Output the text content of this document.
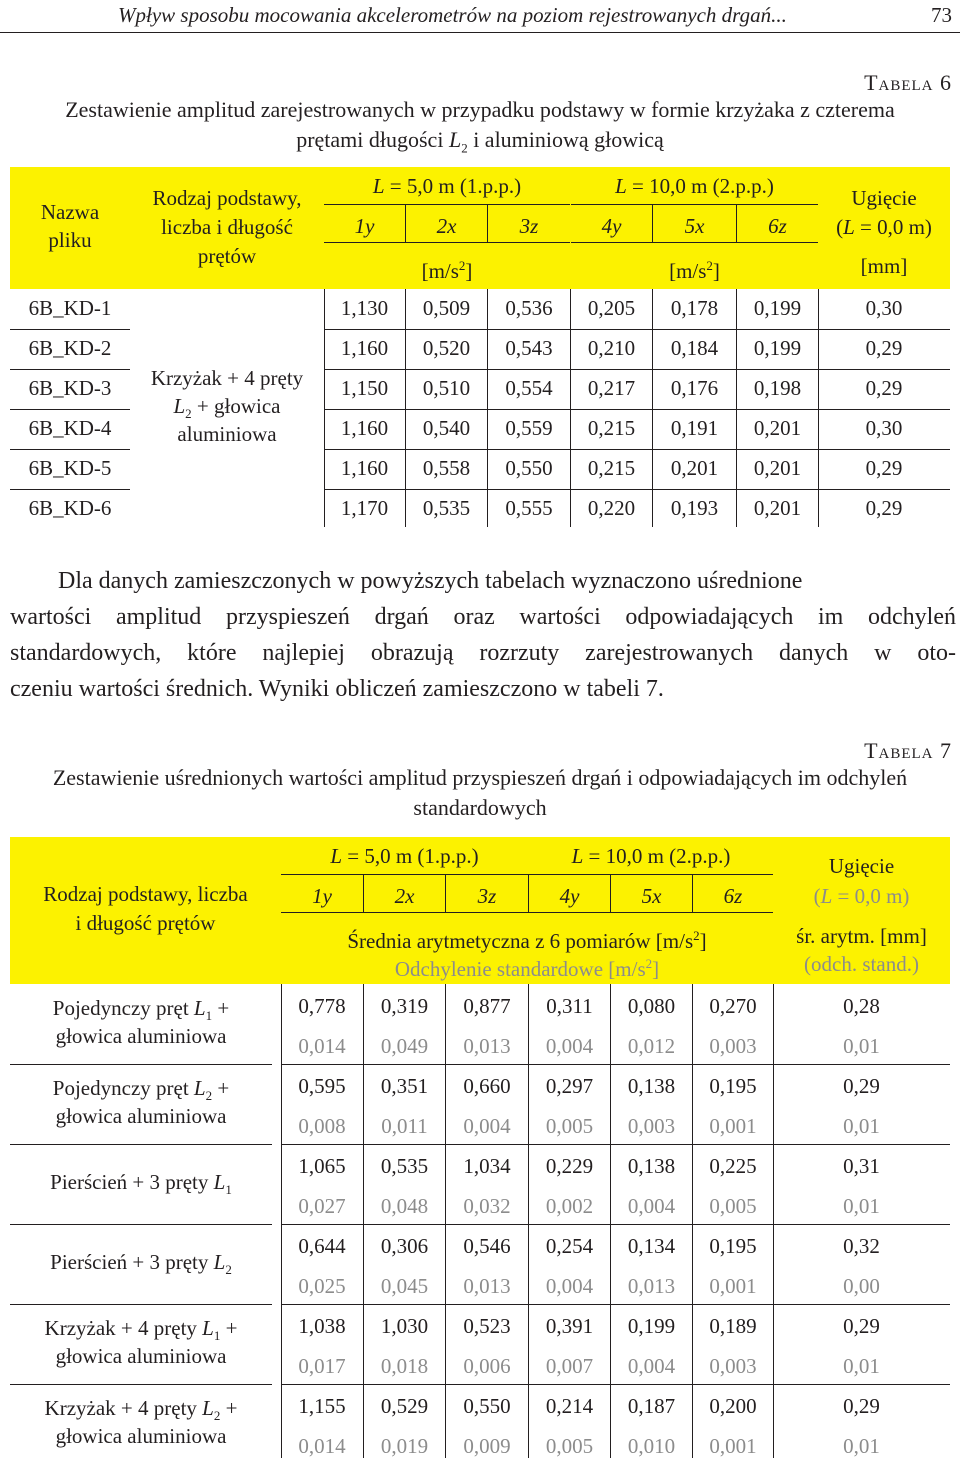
Wpływ sposobu mocowania akcelerometrów na poziom rejestrowanych drgań...	73
Tabela 6
Zestawienie amplitud zarejestrowanych w przypadku podstawy w formie krzyżaka z czterema
prętami długości $L_2$ i aluminiową głowicą
Nazwa
pliku
Rodzaj podstawy,
liczba i długość
prętów
L = 5,0 m (1.p.p.)	L = 10,0 m (2.p.p.)	Ugięcie
(L = 0,0 m)
1y	2x	3z	4y	5x	6z
$[m/s^2]$	$[m/s^2]$	[mm]
Krzyżak + 4 pręty
$L_2$ + głowica
aluminiowa
6B_KD-1	1,130	0,509	0,536	0,205	0,178	0,199	0,30
6B_KD-2	1,160	0,520	0,543	0,210	0,184	0,199	0,29
6B_KD-3	1,150	0,510	0,554	0,217	0,176	0,198	0,29
6B_KD-4	1,160	0,540	0,559	0,215	0,191	0,201	0,30
6B_KD-5	1,160	0,558	0,550	0,215	0,201	0,201	0,29
6B_KD-6	1,170	0,535	0,555	0,220	0,193	0,201	0,29
Dla danych zamieszczonych w powyższych tabelach wyznaczono uśrednione
wartości amplitud przyspieszeń drgań oraz wartości odpowiadających im odchyleń
standardowych, które najlepiej obrazują rozrzuty zarejestrowanych danych w oto-
czeniu wartości średnich. Wyniki obliczeń zamieszczono w tabeli 7.
Tabela 7
Zestawienie uśrednionych wartości amplitud przyspieszeń drgań i odpowiadających im odchyleń
standardowych
Rodzaj podstawy, liczba
i długość prętów
L = 5,0 m (1.p.p.)	L = 10,0 m (2.p.p.)
1y	2x	3z	4y	5x	6z
Średnia arytmetyczna z 6 pomiarów $[m/s^2]$
Odchylenie standardowe $[m/s^2]$
Ugięcie
(L = 0,0 m)
śr. arytm. [mm]
(odch. stand.)
Pojedynczy pręt $L_1$ +
głowica aluminiowa
0,778	0,319	0,877	0,311	0,080	0,270	0,28
0,014	0,049	0,013	0,004	0,012	0,003	0,01
Pojedynczy pręt $L_2$ +
głowica aluminiowa
0,595	0,351	0,660	0,297	0,138	0,195	0,29
0,008	0,011	0,004	0,005	0,003	0,001	0,01
Pierścień + 3 pręty $L_1$
1,065	0,535	1,034	0,229	0,138	0,225	0,31
0,027	0,048	0,032	0,002	0,004	0,005	0,01
Pierścień + 3 pręty $L_2$
0,644	0,306	0,546	0,254	0,134	0,195	0,32
0,025	0,045	0,013	0,004	0,013	0,001	0,00
Krzyżak + 4 pręty $L_1$ +
głowica aluminiowa
1,038	1,030	0,523	0,391	0,199	0,189	0,29
0,017	0,018	0,006	0,007	0,004	0,003	0,01
Krzyżak + 4 pręty $L_2$ +
głowica aluminiowa
1,155	0,529	0,550	0,214	0,187	0,200	0,29
0,014	0,019	0,009	0,005	0,010	0,001	0,01
